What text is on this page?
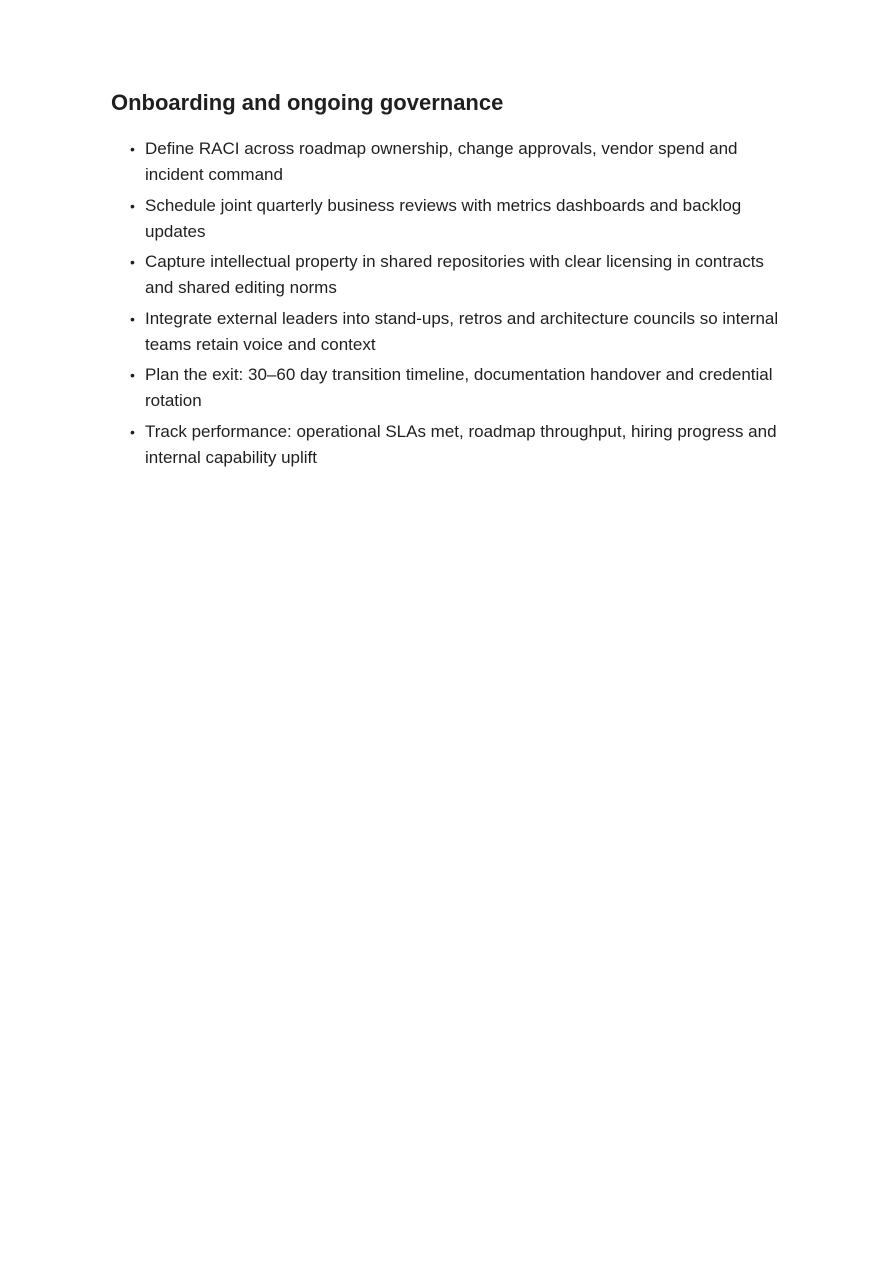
Onboarding and ongoing governance
• Define RACI across roadmap ownership, change approvals, vendor spend and incident command
• Schedule joint quarterly business reviews with metrics dashboards and backlog updates
• Capture intellectual property in shared repositories with clear licensing in contracts and shared editing norms
• Integrate external leaders into stand-ups, retros and architecture councils so internal teams retain voice and context
• Plan the exit: 30–60 day transition timeline, documentation handover and credential rotation
• Track performance: operational SLAs met, roadmap throughput, hiring progress and internal capability uplift
